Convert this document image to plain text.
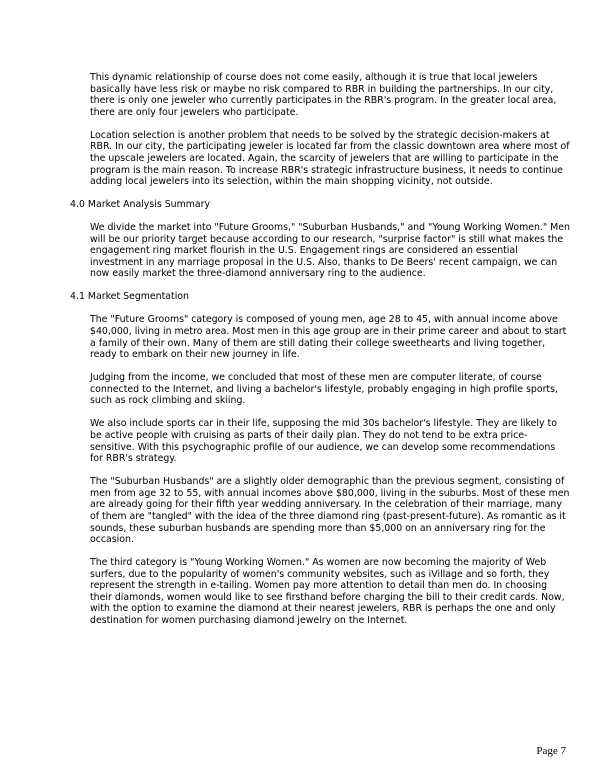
This dynamic relationship of course does not come easily, although it is true that local jewelers basically have less risk or maybe no risk compared to RBR in building the partnerships. In our city, there is only one jeweler who currently participates in the RBR's program. In the greater local area, there are only four jewelers who participate.

Location selection is another problem that needs to be solved by the strategic decision-makers at RBR. In our city, the participating jeweler is located far from the classic downtown area where most of the upscale jewelers are located. Again, the scarcity of jewelers that are willing to participate in the program is the main reason. To increase RBR's strategic infrastructure business, it needs to continue adding local jewelers into its selection, within the main shopping vicinity, not outside.

4.0 Market Analysis Summary

We divide the market into "Future Grooms," "Suburban Husbands," and "Young Working Women." Men will be our priority target because according to our research, "surprise factor" is still what makes the engagement ring market flourish in the U.S. Engagement rings are considered an essential investment in any marriage proposal in the U.S. Also, thanks to De Beers' recent campaign, we can now easily market the three-diamond anniversary ring to the audience.

4.1 Market Segmentation

The "Future Grooms" category is composed of young men, age 28 to 45, with annual income above $40,000, living in metro area. Most men in this age group are in their prime career and about to start a family of their own. Many of them are still dating their college sweethearts and living together, ready to embark on their new journey in life.

Judging from the income, we concluded that most of these men are computer literate, of course connected to the Internet, and living a bachelor's lifestyle, probably engaging in high profile sports, such as rock climbing and skiing.

We also include sports car in their life, supposing the mid 30s bachelor's lifestyle. They are likely to be active people with cruising as parts of their daily plan. They do not tend to be extra price-sensitive. With this psychographic profile of our audience, we can develop some recommendations for RBR's strategy.

The "Suburban Husbands" are a slightly older demographic than the previous segment, consisting of men from age 32 to 55, with annual incomes above $80,000, living in the suburbs. Most of these men are already going for their fifth year wedding anniversary. In the celebration of their marriage, many of them are "tangled" with the idea of the three diamond ring (past-present-future). As romantic as it sounds, these suburban husbands are spending more than $5,000 on an anniversary ring for the occasion.

The third category is "Young Working Women." As women are now becoming the majority of Web surfers, due to the popularity of women's community websites, such as iVillage and so forth, they represent the strength in e-tailing. Women pay more attention to detail than men do. In choosing their diamonds, women would like to see firsthand before charging the bill to their credit cards. Now, with the option to examine the diamond at their nearest jewelers, RBR is perhaps the one and only destination for women purchasing diamond jewelry on the Internet.

Page 7
